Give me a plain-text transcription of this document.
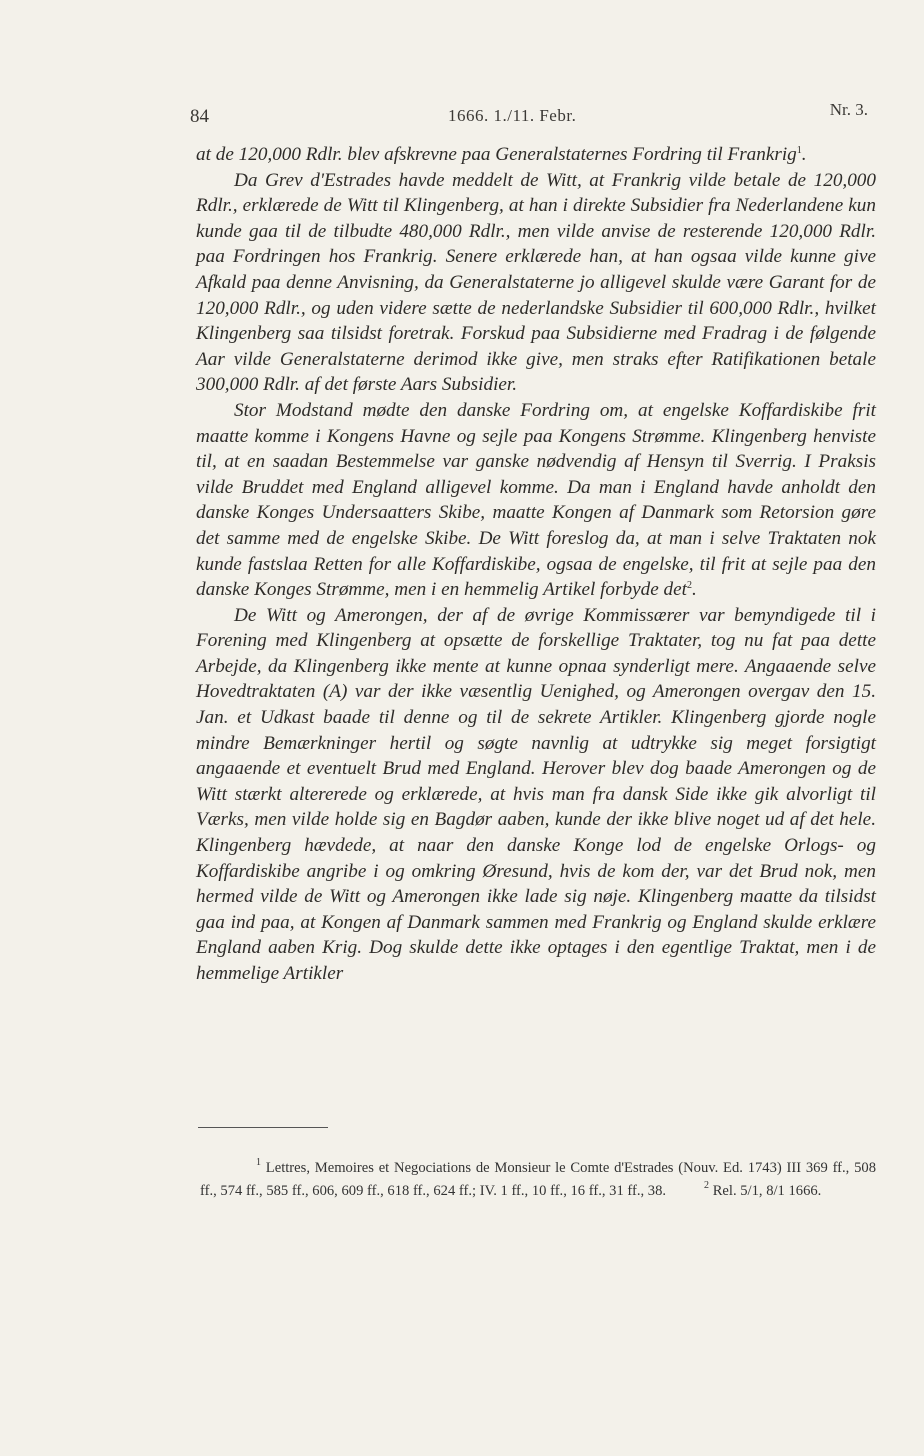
84	1666. 1./11. Febr.	Nr. 3.

at de 120,000 Rdlr. blev afskrevne paa Generalstaternes Fordring til Frankrig$^1$.

Da Grev d'Estrades havde meddelt de Witt, at Frankrig vilde betale de 120,000 Rdlr., erklærede de Witt til Klingenberg, at han i direkte Subsidier fra Nederlandene kun kunde gaa til de tilbudte 480,000 Rdlr., men vilde anvise de resterende 120,000 Rdlr. paa Fordringen hos Frankrig. Senere erklærede han, at han ogsaa vilde kunne give Afkald paa denne Anvisning, da Generalstaterne jo alligevel skulde være Garant for de 120,000 Rdlr., og uden videre sætte de nederlandske Subsidier til 600,000 Rdlr., hvilket Klingenberg saa tilsidst foretrak. Forskud paa Subsidierne med Fradrag i de følgende Aar vilde Generalstaterne derimod ikke give, men straks efter Ratifikationen betale 300,000 Rdlr. af det første Aars Subsidier.

Stor Modstand mødte den danske Fordring om, at engelske Koffardiskibe frit maatte komme i Kongens Havne og sejle paa Kongens Strømme. Klingenberg henviste til, at en saadan Bestemmelse var ganske nødvendig af Hensyn til Sverrig. I Praksis vilde Bruddet med England alligevel komme. Da man i England havde anholdt den danske Konges Undersaatters Skibe, maatte Kongen af Danmark som Retorsion gøre det samme med de engelske Skibe. De Witt foreslog da, at man i selve Traktaten nok kunde fastslaa Retten for alle Koffardiskibe, ogsaa de engelske, til frit at sejle paa den danske Konges Strømme, men i en hemmelig Artikel forbyde $\det^2$.

De Witt og Amerongen, der af de øvrige Kommissærer var bemyndigede til i Forening med Klingenberg at opsætte de forskellige Traktater, tog nu fat paa dette Arbejde, da Klingenberg ikke mente at kunne opnaa synderligt mere. Angaaende selve Hovedtraktaten (A) var der ikke væsentlig Uenighed, og Amerongen overgav den 15. Jan. et Udkast baade til denne og til de sekrete Artikler. Klingenberg gjorde nogle mindre Bemærkninger hertil og søgte navnlig at udtrykke sig meget forsigtigt angaaende et eventuelt Brud med England. Herover blev dog baade Amerongen og de Witt stærkt altererede og erklærede, at hvis man fra dansk Side ikke gik alvorligt til Værks, men vilde holde sig en Bagdør aaben, kunde der ikke blive noget ud af det hele. Klingenberg hævdede, at naar den danske Konge lod de engelske Orlogs- og Koffardiskibe angribe i og omkring Øresund, hvis de kom der, var det Brud nok, men hermed vilde de Witt og Amerongen ikke lade sig nøje. Klingenberg maatte da tilsidst gaa ind paa, at Kongen af Danmark sammen med Frankrig og England skulde erklære England aaben Krig. Dog skulde dette ikke optages i den egentlige Traktat, men i de hemmelige Artikler

$^1$ Lettres, Memoires et Negociations de Monsieur le Comte d'Estrades (Nouv. Ed. 1743) III 369 ff., 508 ff., 574 ff., 585 ff., 606, 609 ff., 618 ff., 624 ff.; IV. 1 ff., 10 ff., 16 ff., 31 ff., 38.	$^2$ Rel. 5/1, 8/1 1666.
